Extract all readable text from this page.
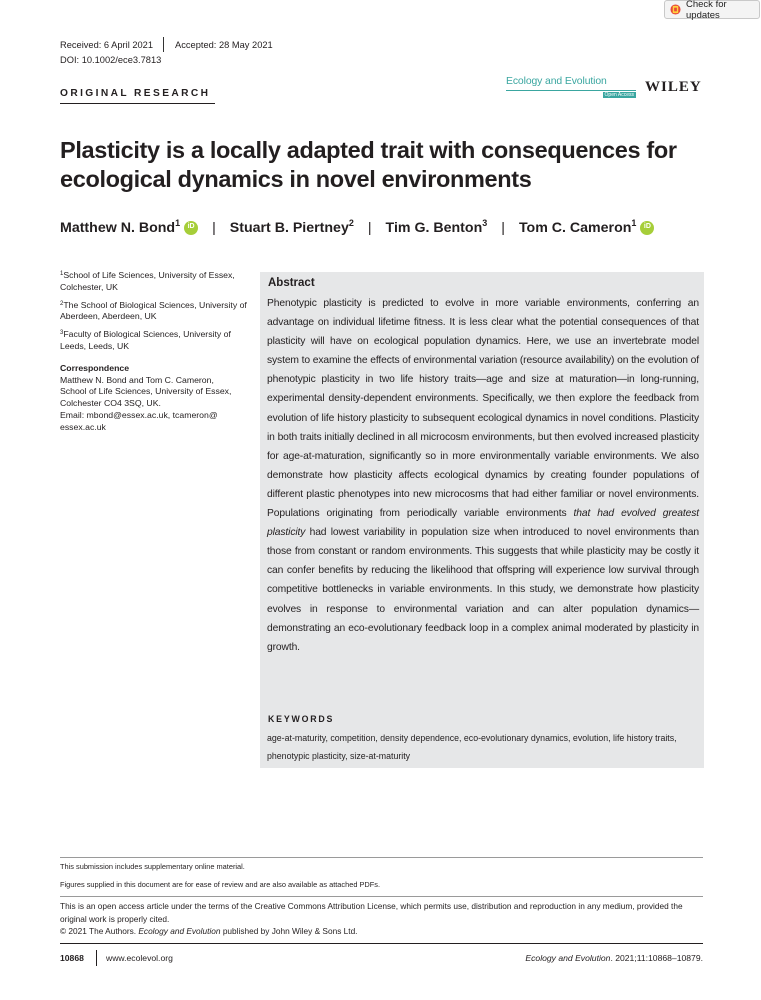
Check for updates
Received: 6 April 2021 Accepted: 28 May 2021
DOI: 10.1002/ece3.7813
ORIGINAL RESEARCH
Ecology and Evolution
Open Access WILEY
Plasticity is a locally adapted trait with consequences for ecological dynamics in novel environments
Matthew N. Bond$^1$
iD | Stuart B. Piertney$^2$ | Tim G. Benton$^3$ | Tom C. Cameron$^1$
iD

$^1$School of Life Sciences, University of Essex, Colchester, UK

$^2$The School of Biological Sciences, University of Aberdeen, Aberdeen, UK

$^3$Faculty of Biological Sciences, University of Leeds, Leeds, UK

Correspondence

Matthew N. Bond and Tom C. Cameron,

School of Life Sciences, University of Essex,

Colchester CO4 3SQ, UK.

Email: mbond@essex.ac.uk, tcameron@

essex.ac.uk

Abstract

Phenotypic plasticity is predicted to evolve in more variable environments, conferring an advantage on individual lifetime fitness. It is less clear what the potential consequences of that plasticity will have on ecological population dynamics. Here, we use an invertebrate model system to examine the effects of environmental variation (resource availability) on the evolution of phenotypic plasticity in two life history traits—age and size at maturation—in long-running, experimental density-dependent environments. Specifically, we then explore the feedback from evolution of life history plasticity to subsequent ecological dynamics in novel conditions. Plasticity in both traits initially declined in all microcosm environments, but then evolved increased plasticity for age-at-maturation, significantly so in more environmentally variable environments. We also demonstrate how plasticity affects ecological dynamics by creating founder populations of different plastic phenotypes into new microcosms that had either familiar or novel environments. Populations originating from periodically variable environments that had evolved greatest plasticity had lowest variability in population size when introduced to novel environments than those from constant or random environments. This suggests that while plasticity may be costly it can confer benefits by reducing the likelihood that offspring will experience low survival through competitive bottlenecks in variable environments. In this study, we demonstrate how plasticity evolves in response to environmental variation and can alter population dynamics—demonstrating an eco-evolutionary feedback loop in a complex animal moderated by plasticity in growth.

KEYWORDS

age-at-maturity, competition, density dependence, eco-evolutionary dynamics, evolution, life history traits, phenotypic plasticity, size-at-maturity

This submission includes supplementary online material.

Figures supplied in this document are for ease of review and are also available as attached PDFs.

This is an open access article under the terms of the Creative Commons Attribution License, which permits use, distribution and reproduction in any medium, provided the original work is properly cited.

© 2021 The Authors. Ecology and Evolution published by John Wiley & Sons Ltd.

10868	www.ecolevol.org	Ecology and Evolution. 2021;11:10868–10879.
